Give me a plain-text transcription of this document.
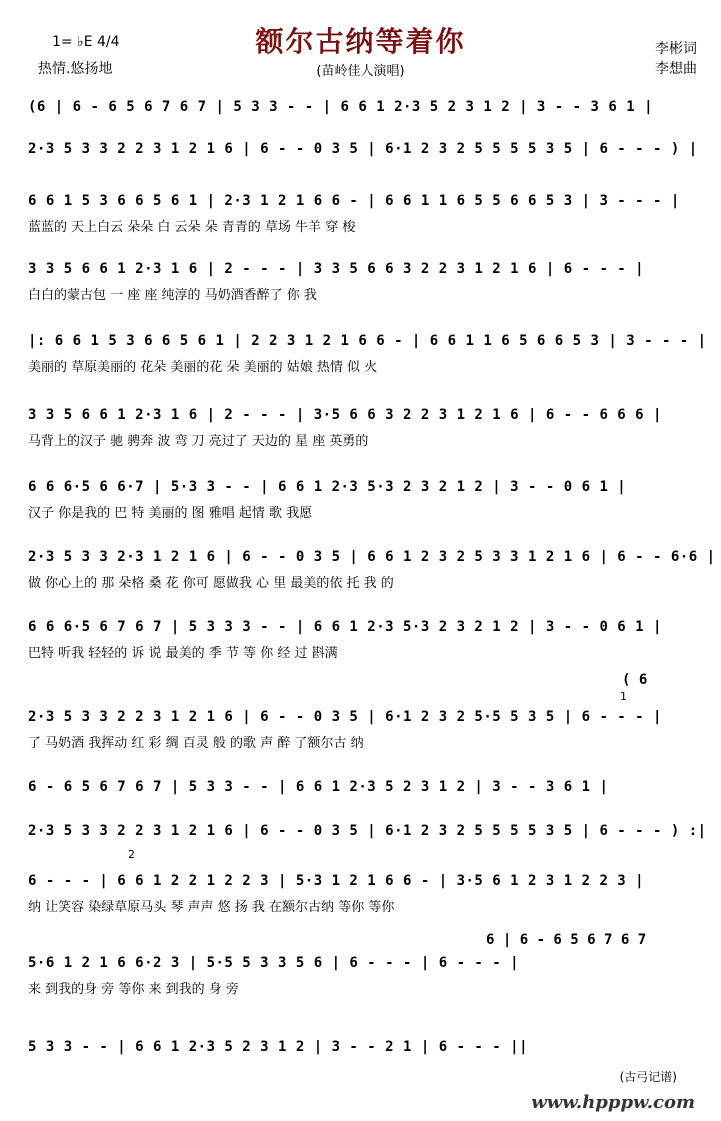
额尔古纳等着你
(苗岭佳人演唱)
1= ♭E 4/4
热情.悠扬地
李彬词
李想曲
(6 | 6 - 6 5 6 7 6 7 | 5 3 3 - - | 6 6 1 2·3 5 2 3 1 2 | 3 - - 3 6 1 |
2·3 5 3 3 2 2 3 1 2 1 6 | 6 - - 0 3 5 | 6·1 2 3 2 5 5 5 5 3 5 | 6 - - - ) |
6 6 1 5 3 6 6 5 6 1 | 2·3 1 2 1 6 6 - | 6 6 1 1 6 5 5 6 6 5 3 | 3 - - - |
蓝蓝的 天上白云 朵朵 白 云朵 朵 青青的 草场 牛羊 穿 梭
3 3 5 6 6 1 2·3 1 6 | 2 - - - | 3 3 5 6 6 3 2 2 3 1 2 1 6 | 6 - - - |
白白的蒙古包 一 座 座 纯淳的 马奶酒香醉了 你 我
|: 6 6 1 5 3 6 6 5 6 1 | 2 2 3 1 2 1 6 6 - | 6 6 1 1 6 5 6 6 5 3 | 3 - - - |
美丽的 草原美丽的 花朵 美丽的花 朵 美丽的 姑娘 热情 似 火
3 3 5 6 6 1 2·3 1 6 | 2 - - - | 3·5 6 6 3 2 2 3 1 2 1 6 | 6 - - 6 6 6 |
马背上的汉子 驰 骋奔 波 弯 刀 亮过了 天边的 星 座 英勇的
6 6 6·5 6 6·7 | 5·3 3 - - | 6 6 1 2·3 5·3 2 3 2 1 2 | 3 - - 0 6 1 |
汉子 你是我的 巴 特 美丽的 图 雅唱 起情 歌 我愿
2·3 5 3 3 2·3 1 2 1 6 | 6 - - 0 3 5 | 6 6 1 2 3 2 5 3 3 1 2 1 6 | 6 - - 6·6 |
做 你心上的 那 朵格 桑 花 你可 愿做我 心 里 最美的依 托 我 的
6 6 6·5 6 7 6 7 | 5 3 3 3 - - | 6 6 1 2·3 5·3 2 3 2 1 2 | 3 - - 0 6 1 |
巴特 听我 轻轻的 诉 说 最美的 季 节 等 你 经 过 斟满
2·3 5 3 3 2 2 3 1 2 1 6 | 6 - - 0 3 5 | 6·1 2 3 2 5·5 5 3 5 | 6 - - - |
了 马奶酒 我挥动 红 彩 绸 百灵 般 的歌 声 醉 了额尔古 纳
6 - 6 5 6 7 6 7 | 5 3 3 - - | 6 6 1 2·3 5 2 3 1 2 | 3 - - 3 6 1 |
2·3 5 3 3 2 2 3 1 2 1 6 | 6 - - 0 3 5 | 6·1 2 3 2 5 5 5 5 3 5 | 6 - - - ) :|
6 - - - | 6 6 1 2 2 1 2 2 3 | 5·3 1 2 1 6 6 - | 3·5 6 1 2 3 1 2 2 3 |
纳 让笑容 染绿草原马头 琴 声声 悠 扬 我 在额尔古纳 等你 等你
5·6 1 2 1 6 6·2 3 | 5·5 5 3 3 5 6 | 6 - - - | 6 - - - |
来 到我的身 旁 等你 来 到我的 身 旁
5 3 3 - - | 6 6 1 2·3 5 2 3 1 2 | 3 - - 2 1 | 6 - - - ||
1
2
( 6
6 | 6 - 6 5 6 7 6 7
(古弓记谱)
www.hpppw.com
